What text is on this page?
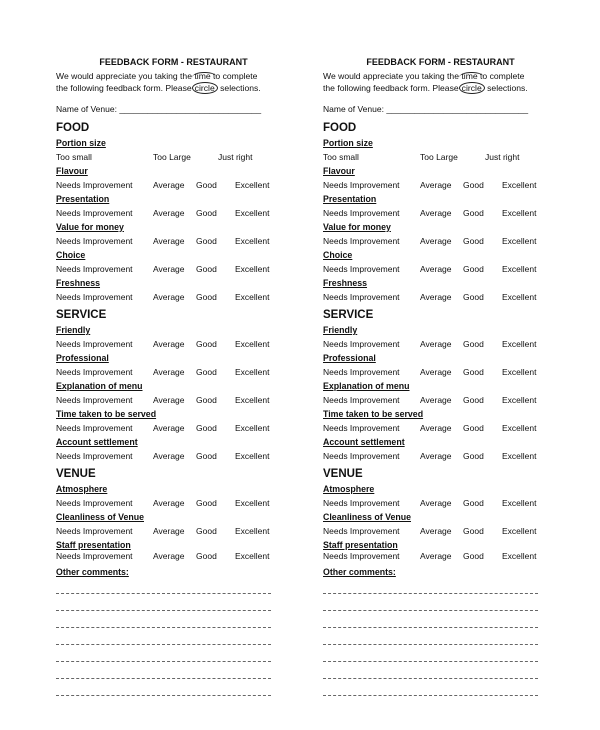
FEEDBACK FORM - RESTAURANT
We would appreciate you taking the time to complete
the following feedback form. Please circle selections.
Name of Venue: ______________________________
FOOD
Portion size
Too small	Too Large	Just right
Flavour
Needs Improvement Average Good Excellent
Presentation
Needs Improvement Average Good Excellent
Value for money
Needs Improvement Average Good Excellent
Choice
Needs Improvement Average Good Excellent
Freshness
Needs Improvement Average Good Excellent
SERVICE
Friendly
Needs Improvement Average Good Excellent
Professional
Needs Improvement Average Good Excellent
Explanation of menu
Needs Improvement Average Good Excellent
Time taken to be served
Needs Improvement Average Good Excellent
Account settlement
Needs Improvement Average Good Excellent
VENUE
Atmosphere
Needs Improvement Average Good Excellent
Cleanliness of Venue
Needs Improvement Average Good Excellent
Staff presentation
Needs Improvement Average Good Excellent
Other comments:
FEEDBACK FORM - RESTAURANT
We would appreciate you taking the time to complete
the following feedback form. Please circle selections.
Name of Venue: ______________________________
FOOD
Portion size
Too small	Too Large	Just right
Flavour
Needs Improvement Average Good Excellent
Presentation
Needs Improvement Average Good Excellent
Value for money
Needs Improvement Average Good Excellent
Choice
Needs Improvement Average Good Excellent
Freshness
Needs Improvement Average Good Excellent
SERVICE
Friendly
Needs Improvement Average Good Excellent
Professional
Needs Improvement Average Good Excellent
Explanation of menu
Needs Improvement Average Good Excellent
Time taken to be served
Needs Improvement Average Good Excellent
Account settlement
Needs Improvement Average Good Excellent
VENUE
Atmosphere
Needs Improvement Average Good Excellent
Cleanliness of Venue
Needs Improvement Average Good Excellent
Staff presentation
Needs Improvement Average Good Excellent
Other comments:
